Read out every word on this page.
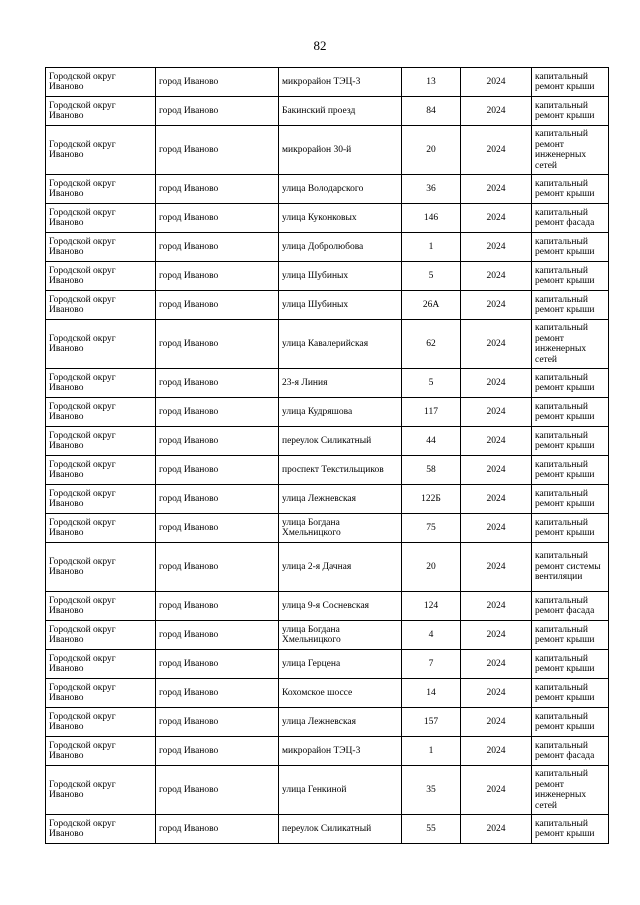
82
Городской округ Иваново	город Иваново	микрорайон ТЭЦ-3	13	2024	капитальный ремонт крыши
Городской округ Иваново	город Иваново	Бакинский проезд	84	2024	капитальный ремонт крыши
Городской округ Иваново	город Иваново	микрорайон 30-й	20	2024	капитальный ремонт инженерных сетей
Городской округ Иваново	город Иваново	улица Володарского	36	2024	капитальный ремонт крыши
Городской округ Иваново	город Иваново	улица Куконковых	146	2024	капитальный ремонт фасада
Городской округ Иваново	город Иваново	улица Добролюбова	1	2024	капитальный ремонт крыши
Городской округ Иваново	город Иваново	улица Шубиных	5	2024	капитальный ремонт крыши
Городской округ Иваново	город Иваново	улица Шубиных	26А	2024	капитальный ремонт крыши
Городской округ Иваново	город Иваново	улица Кавалерийская	62	2024	капитальный ремонт инженерных сетей
Городской округ Иваново	город Иваново	23-я Линия	5	2024	капитальный ремонт крыши
Городской округ Иваново	город Иваново	улица Кудряшова	117	2024	капитальный ремонт крыши
Городской округ Иваново	город Иваново	переулок Силикатный	44	2024	капитальный ремонт крыши
Городской округ Иваново	город Иваново	проспект Текстильщиков	58	2024	капитальный ремонт крыши
Городской округ Иваново	город Иваново	улица Лежневская	122Б	2024	капитальный ремонт крыши
Городской округ Иваново	город Иваново	улица Богдана Хмельницкого	75	2024	капитальный ремонт крыши
Городской округ Иваново	город Иваново	улица 2-я Дачная	20	2024	капитальный ремонт системы вентиляции
Городской округ Иваново	город Иваново	улица 9-я Сосневская	124	2024	капитальный ремонт фасада
Городской округ Иваново	город Иваново	улица Богдана Хмельницкого	4	2024	капитальный ремонт крыши
Городской округ Иваново	город Иваново	улица Герцена	7	2024	капитальный ремонт крыши
Городской округ Иваново	город Иваново	Кохомское шоссе	14	2024	капитальный ремонт крыши
Городской округ Иваново	город Иваново	улица Лежневская	157	2024	капитальный ремонт крыши
Городской округ Иваново	город Иваново	микрорайон ТЭЦ-3	1	2024	капитальный ремонт фасада
Городской округ Иваново	город Иваново	улица Генкиной	35	2024	капитальный ремонт инженерных сетей
Городской округ Иваново	город Иваново	переулок Силикатный	55	2024	капитальный ремонт крыши
